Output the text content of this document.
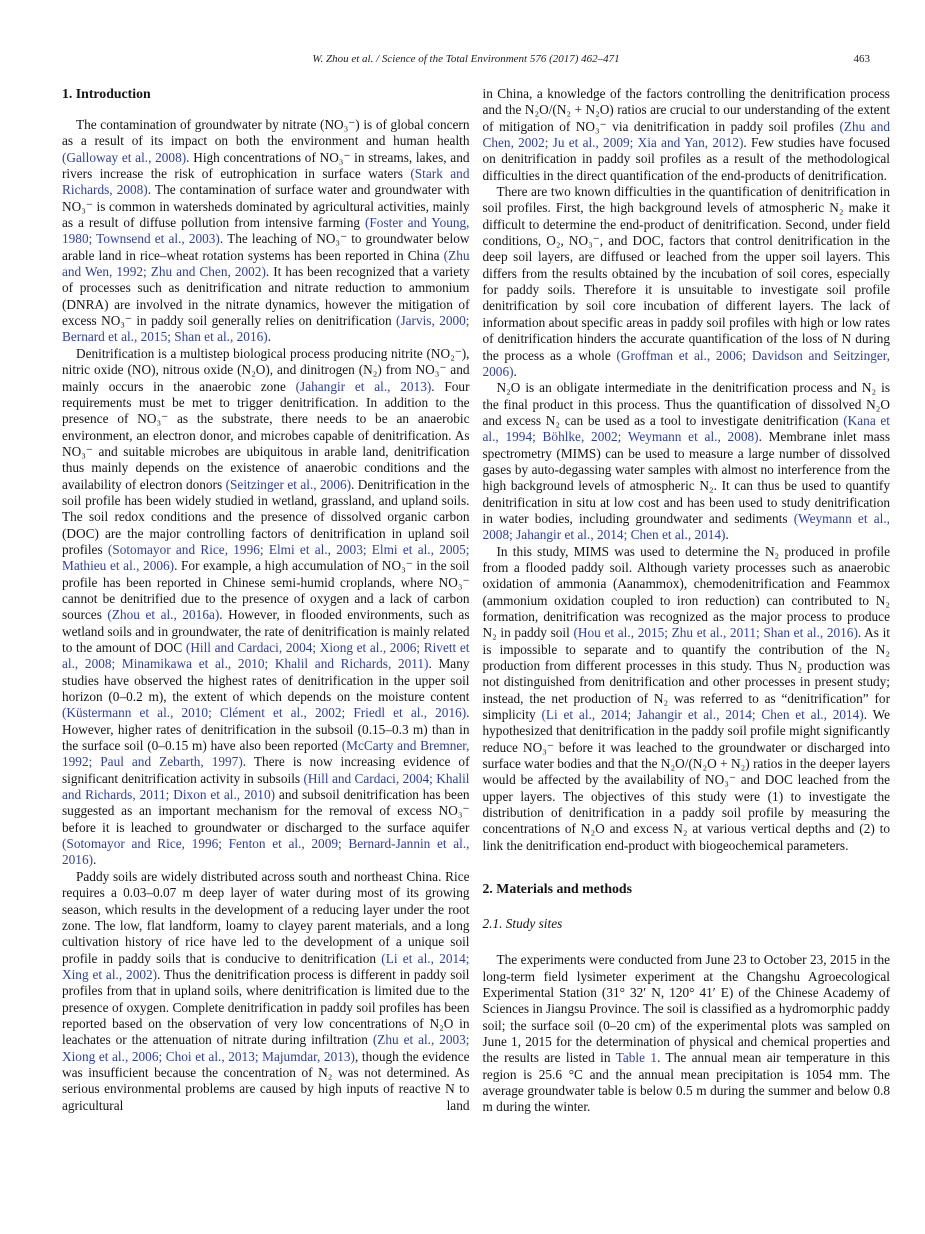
W. Zhou et al. / Science of the Total Environment 576 (2017) 462–471	463
1. Introduction

The contamination of groundwater by nitrate (NO₃⁻) is of global concern as a result of its impact on both the environment and human health (Galloway et al., 2008). High concentrations of NO₃⁻ in streams, lakes, and rivers increase the risk of eutrophication in surface waters (Stark and Richards, 2008). The contamination of surface water and groundwater with NO₃⁻ is common in watersheds dominated by agricultural activities, mainly as a result of diffuse pollution from intensive farming (Foster and Young, 1980; Townsend et al., 2003). The leaching of NO₃⁻ to groundwater below arable land in rice–wheat rotation systems has been reported in China (Zhu and Wen, 1992; Zhu and Chen, 2002). It has been recognized that a variety of processes such as denitrification and nitrate reduction to ammonium (DNRA) are involved in the nitrate dynamics, however the mitigation of excess NO₃⁻ in paddy soil generally relies on denitrification (Jarvis, 2000; Bernard et al., 2015; Shan et al., 2016).

Denitrification is a multistep biological process producing nitrite (NO₂⁻), nitric oxide (NO), nitrous oxide (N₂O), and dinitrogen (N₂) from NO₃⁻ and mainly occurs in the anaerobic zone (Jahangir et al., 2013). Four requirements must be met to trigger denitrification. In addition to the presence of NO₃⁻ as the substrate, there needs to be an anaerobic environment, an electron donor, and microbes capable of denitrification. As NO₃⁻ and suitable microbes are ubiquitous in arable land, denitrification thus mainly depends on the existence of anaerobic conditions and the availability of electron donors (Seitzinger et al., 2006). Denitrification in the soil profile has been widely studied in wetland, grassland, and upland soils. The soil redox conditions and the presence of dissolved organic carbon (DOC) are the major controlling factors of denitrification in upland soil profiles (Sotomayor and Rice, 1996; Elmi et al., 2003; Elmi et al., 2005; Mathieu et al., 2006). For example, a high accumulation of NO₃⁻ in the soil profile has been reported in Chinese semi-humid croplands, where NO₃⁻ cannot be denitrified due to the presence of oxygen and a lack of carbon sources (Zhou et al., 2016a). However, in flooded environments, such as wetland soils and in groundwater, the rate of denitrification is mainly related to the amount of DOC (Hill and Cardaci, 2004; Xiong et al., 2006; Rivett et al., 2008; Minamikawa et al., 2010; Khalil and Richards, 2011). Many studies have observed the highest rates of denitrification in the upper soil horizon (0–0.2 m), the extent of which depends on the moisture content (Küstermann et al., 2010; Clément et al., 2002; Friedl et al., 2016). However, higher rates of denitrification in the subsoil (0.15–0.3 m) than in the surface soil (0–0.15 m) have also been reported (McCarty and Bremner, 1992; Paul and Zebarth, 1997). There is now increasing evidence of significant denitrification activity in subsoils (Hill and Cardaci, 2004; Khalil and Richards, 2011; Dixon et al., 2010) and subsoil denitrification has been suggested as an important mechanism for the removal of excess NO₃⁻ before it is leached to groundwater or discharged to the surface aquifer (Sotomayor and Rice, 1996; Fenton et al., 2009; Bernard-Jannin et al., 2016).

Paddy soils are widely distributed across south and northeast China. Rice requires a 0.03–0.07 m deep layer of water during most of its growing season, which results in the development of a reducing layer under the root zone. The low, flat landform, loamy to clayey parent materials, and a long cultivation history of rice have led to the development of a unique soil profile in paddy soils that is conducive to denitrification (Li et al., 2014; Xing et al., 2002). Thus the denitrification process is different in paddy soil profiles from that in upland soils, where denitrification is limited due to the presence of oxygen. Complete denitrification in paddy soil profiles has been reported based on the observation of very low concentrations of N₂O in leachates or the attenuation of nitrate during infiltration (Zhu et al., 2003; Xiong et al., 2006; Choi et al., 2013; Majumdar, 2013), though the evidence was insufficient because the concentration of N₂ was not determined. As serious environmental problems are caused by high inputs of reactive N to agricultural land

in China, a knowledge of the factors controlling the denitrification process and the N₂O/(N₂ + N₂O) ratios are crucial to our understanding of the extent of mitigation of NO₃⁻ via denitrification in paddy soil profiles (Zhu and Chen, 2002; Ju et al., 2009; Xia and Yan, 2012). Few studies have focused on denitrification in paddy soil profiles as a result of the methodological difficulties in the direct quantification of the end-products of denitrification.

There are two known difficulties in the quantification of denitrification in soil profiles. First, the high background levels of atmospheric N₂ make it difficult to determine the end-product of denitrification. Second, under field conditions, O₂, NO₃⁻, and DOC, factors that control denitrification in the deep soil layers, are diffused or leached from the upper soil layers. This differs from the results obtained by the incubation of soil cores, especially for paddy soils. Therefore it is unsuitable to investigate soil profile denitrification by soil core incubation of different layers. The lack of information about specific areas in paddy soil profiles with high or low rates of denitrification hinders the accurate quantification of the loss of N during the process as a whole (Groffman et al., 2006; Davidson and Seitzinger, 2006).

N₂O is an obligate intermediate in the denitrification process and N₂ is the final product in this process. Thus the quantification of dissolved N₂O and excess N₂ can be used as a tool to investigate denitrification (Kana et al., 1994; Böhlke, 2002; Weymann et al., 2008). Membrane inlet mass spectrometry (MIMS) can be used to measure a large number of dissolved gases by auto-degassing water samples with almost no interference from the high background levels of atmospheric N₂. It can thus be used to quantify denitrification in situ at low cost and has been used to study denitrification in water bodies, including groundwater and sediments (Weymann et al., 2008; Jahangir et al., 2014; Chen et al., 2014).

In this study, MIMS was used to determine the N₂ produced in profile from a flooded paddy soil. Although variety processes such as anaerobic oxidation of ammonia (Aanammox), chemodenitrification and Feammox (ammonium oxidation coupled to iron reduction) can contributed to N₂ formation, denitrification was recognized as the major process to produce N₂ in paddy soil (Hou et al., 2015; Zhu et al., 2011; Shan et al., 2016). As it is impossible to separate and to quantify the contribution of the N₂ production from different processes in this study. Thus N₂ production was not distinguished from denitrification and other processes in present study; instead, the net production of N₂ was referred to as “denitrification” for simplicity (Li et al., 2014; Jahangir et al., 2014; Chen et al., 2014). We hypothesized that denitrification in the paddy soil profile might significantly reduce NO₃⁻ before it was leached to the groundwater or discharged into surface water bodies and that the N₂O/(N₂O + N₂) ratios in the deeper layers would be affected by the availability of NO₃⁻ and DOC leached from the upper layers. The objectives of this study were (1) to investigate the distribution of denitrification in a paddy soil profile by measuring the concentrations of N₂O and excess N₂ at various vertical depths and (2) to link the denitrification end-product with biogeochemical parameters.

2. Materials and methods
2.1. Study sites

The experiments were conducted from June 23 to October 23, 2015 in the long-term field lysimeter experiment at the Changshu Agroecological Experimental Station (31° 32′ N, 120° 41′ E) of the Chinese Academy of Sciences in Jiangsu Province. The soil is classified as a hydromorphic paddy soil; the surface soil (0–20 cm) of the experimental plots was sampled on June 1, 2015 for the determination of physical and chemical properties and the results are listed in Table 1. The annual mean air temperature in this region is 25.6 °C and the annual mean precipitation is 1054 mm. The average groundwater table is below 0.5 m during the summer and below 0.8 m during the winter.
